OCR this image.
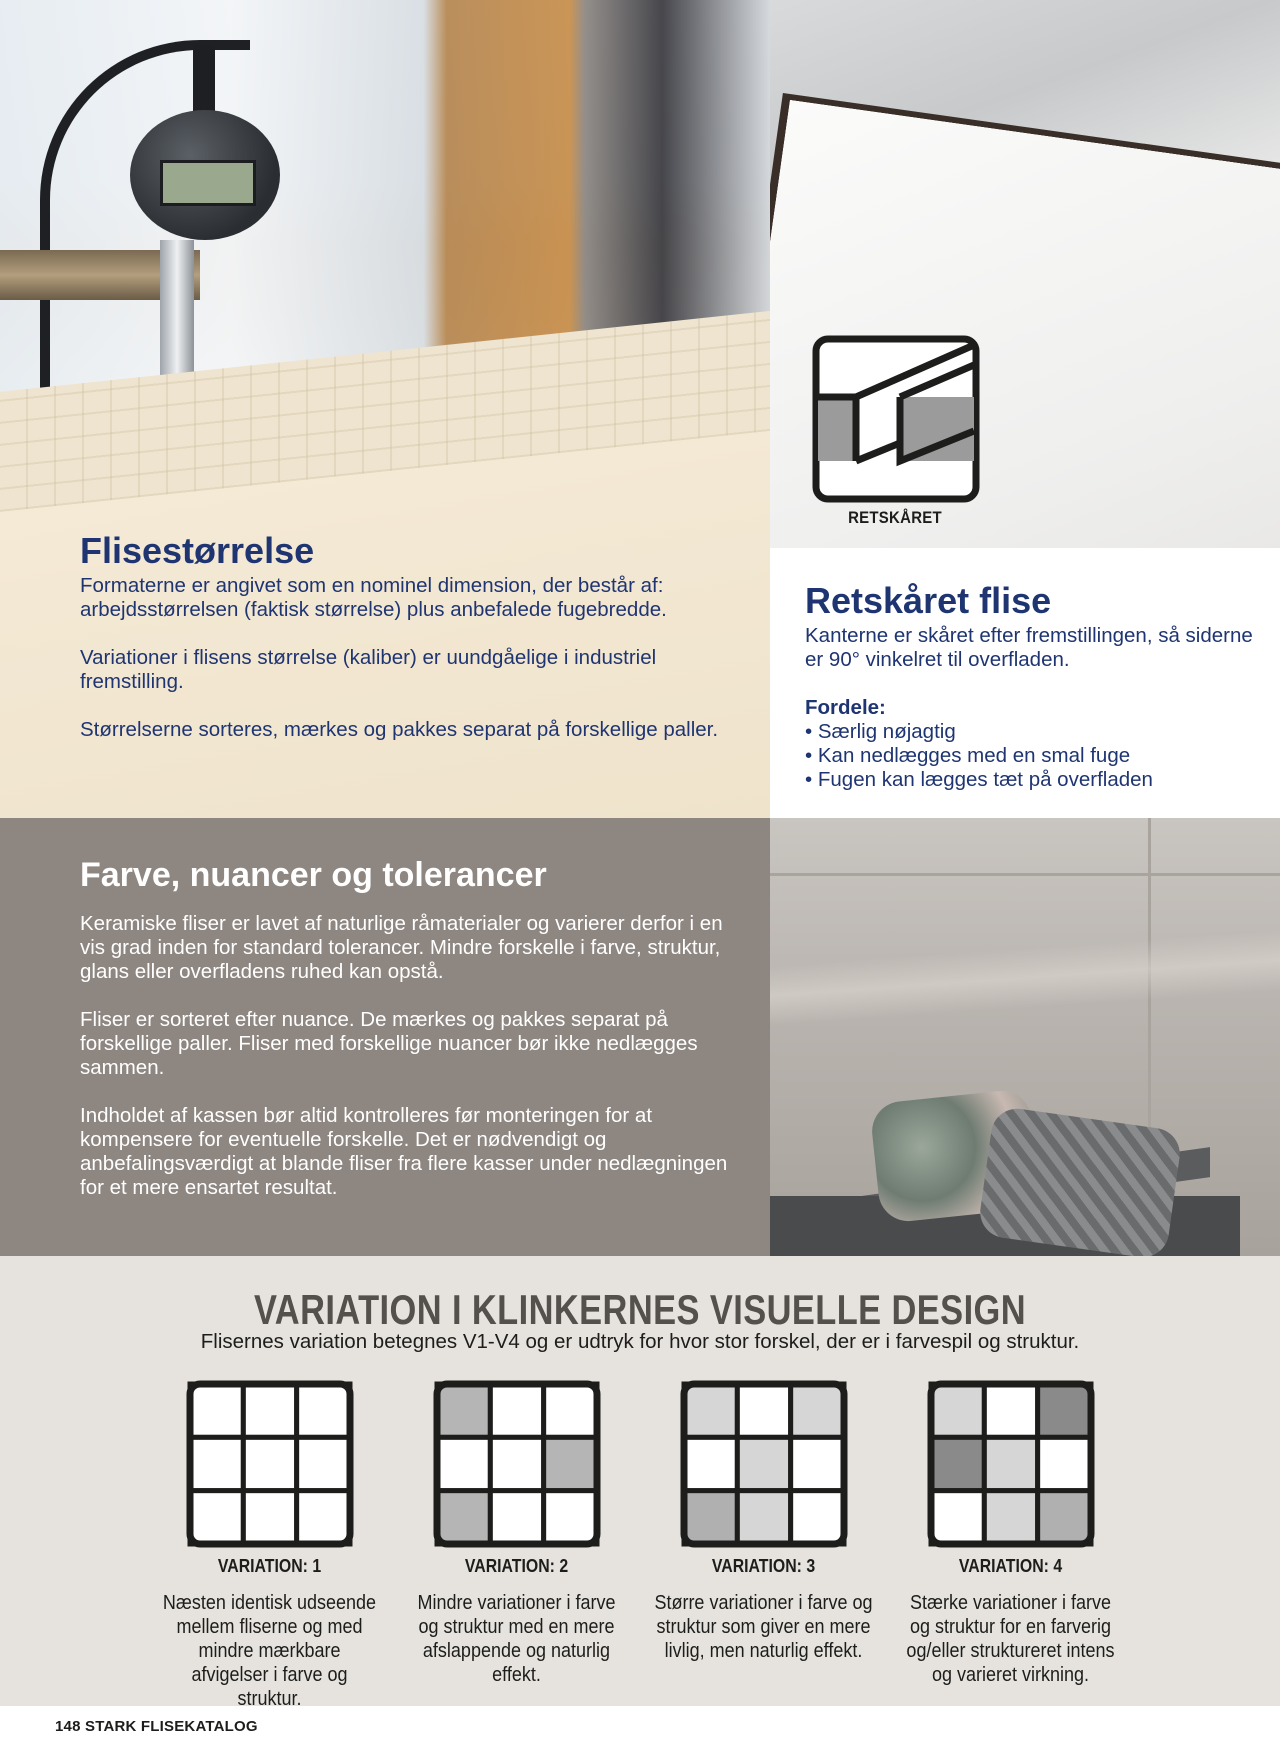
RETSKÅRET
Flisestørrelse

Formaterne er angivet som en nominel dimension, der består af: arbejdsstørrelsen (faktisk størrelse) plus anbefalede fugebredde.

Variationer i flisens størrelse (kaliber) er uundgåelige i industriel fremstilling.

Størrelserne sorteres, mærkes og pakkes separat på forskellige paller.

Retskåret flise

Kanterne er skåret efter fremstillingen, så siderne er 90° vinkelret til overfladen.

Fordele:

• Særlig nøjagtig
• Kan nedlægges med en smal fuge
• Fugen kan lægges tæt på overfladen
Farve, nuancer og tolerancer

Keramiske fliser er lavet af naturlige råmaterialer og varierer derfor i en vis grad inden for standard tolerancer. Mindre forskelle i farve, struktur, glans eller overfladens ruhed kan opstå.

Fliser er sorteret efter nuance. De mærkes og pakkes separat på forskellige paller. Fliser med forskellige nuancer bør ikke nedlægges sammen.

Indholdet af kassen bør altid kontrolleres før monteringen for at kompensere for eventuelle forskelle. Det er nødvendigt og anbefalingsværdigt at blande fliser fra flere kasser under nedlægningen for et mere ensartet resultat.

VARIATION I KLINKERNES VISUELLE DESIGN
Flisernes variation betegnes V1-V4 og er udtryk for hvor stor forskel, der er i farvespil og struktur.
VARIATION: 1
Næsten identisk udseende mellem fliserne og med mindre mærkbare afvigelser i farve og struktur.
VARIATION: 2
Mindre variationer i farve og struktur med en mere afslappende og naturlig effekt.
VARIATION: 3
Større variationer i farve og struktur som giver en mere livlig, men naturlig effekt.
VARIATION: 4
Stærke variationer i farve og struktur for en farverig og/eller struktureret intens og varieret virkning.
148 STARK FLISEKATALOG
